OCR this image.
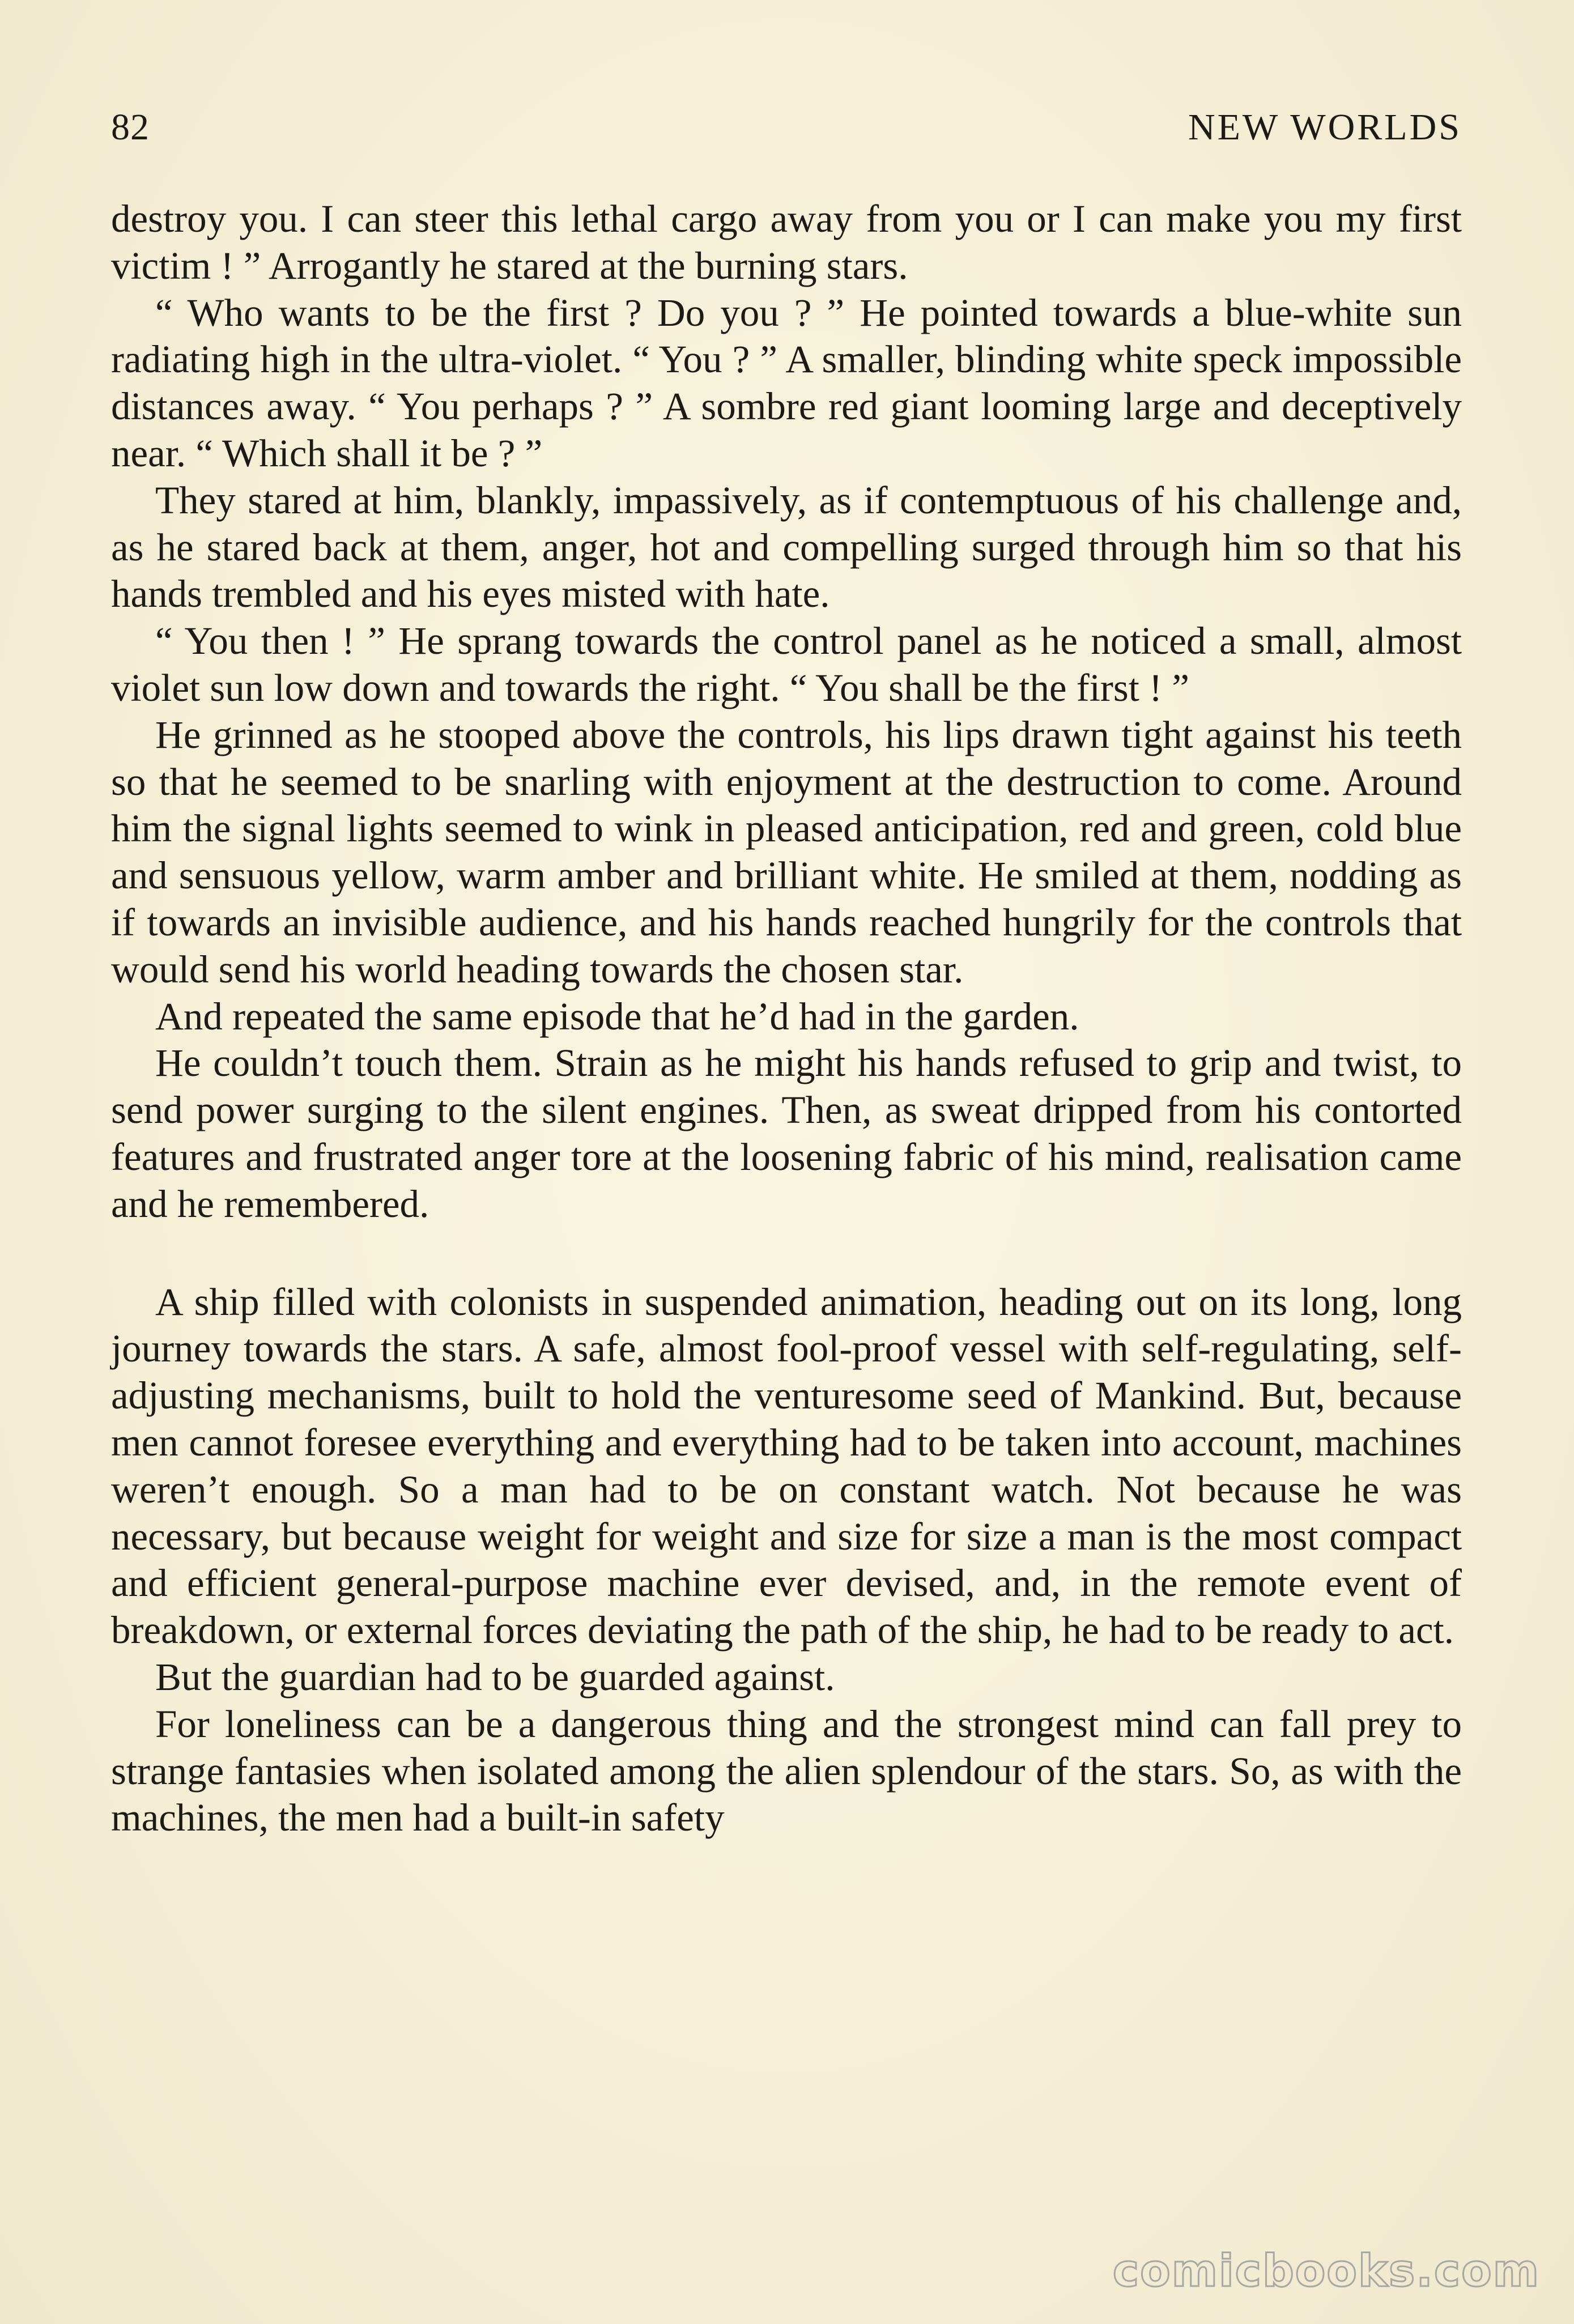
82	NEW WORLDS

destroy you. I can steer this lethal cargo away from you or I can make you my first victim ! ” Arrogantly he stared at the burning stars.

“ Who wants to be the first ? Do you ? ” He pointed towards a blue-white sun radiating high in the ultra-violet. “ You ? ” A smaller, blinding white speck impossible distances away. “ You perhaps ? ” A sombre red giant looming large and deceptively near. “ Which shall it be ? ”

They stared at him, blankly, impassively, as if contemptuous of his challenge and, as he stared back at them, anger, hot and compelling surged through him so that his hands trembled and his eyes misted with hate.

“ You then ! ” He sprang towards the control panel as he noticed a small, almost violet sun low down and towards the right. “ You shall be the first ! ”

He grinned as he stooped above the controls, his lips drawn tight against his teeth so that he seemed to be snarling with enjoyment at the destruction to come. Around him the signal lights seemed to wink in pleased anticipation, red and green, cold blue and sensuous yellow, warm amber and brilliant white. He smiled at them, nodding as if towards an invisible audience, and his hands reached hungrily for the controls that would send his world heading towards the chosen star.

And repeated the same episode that he’d had in the garden.

He couldn’t touch them. Strain as he might his hands refused to grip and twist, to send power surging to the silent engines. Then, as sweat dripped from his contorted features and frustrated anger tore at the loosening fabric of his mind, realisation came and he remembered.

A ship filled with colonists in suspended animation, heading out on its long, long journey towards the stars. A safe, almost fool-proof vessel with self-regulating, self-adjusting mechanisms, built to hold the venturesome seed of Mankind. But, because men cannot foresee everything and everything had to be taken into account, machines weren’t enough. So a man had to be on constant watch. Not because he was necessary, but because weight for weight and size for size a man is the most compact and efficient general-purpose machine ever devised, and, in the remote event of breakdown, or external forces deviating the path of the ship, he had to be ready to act.

But the guardian had to be guarded against.

For loneliness can be a dangerous thing and the strongest mind can fall prey to strange fantasies when isolated among the alien splendour of the stars. So, as with the machines, the men had a built-in safety

comicbooks.com
